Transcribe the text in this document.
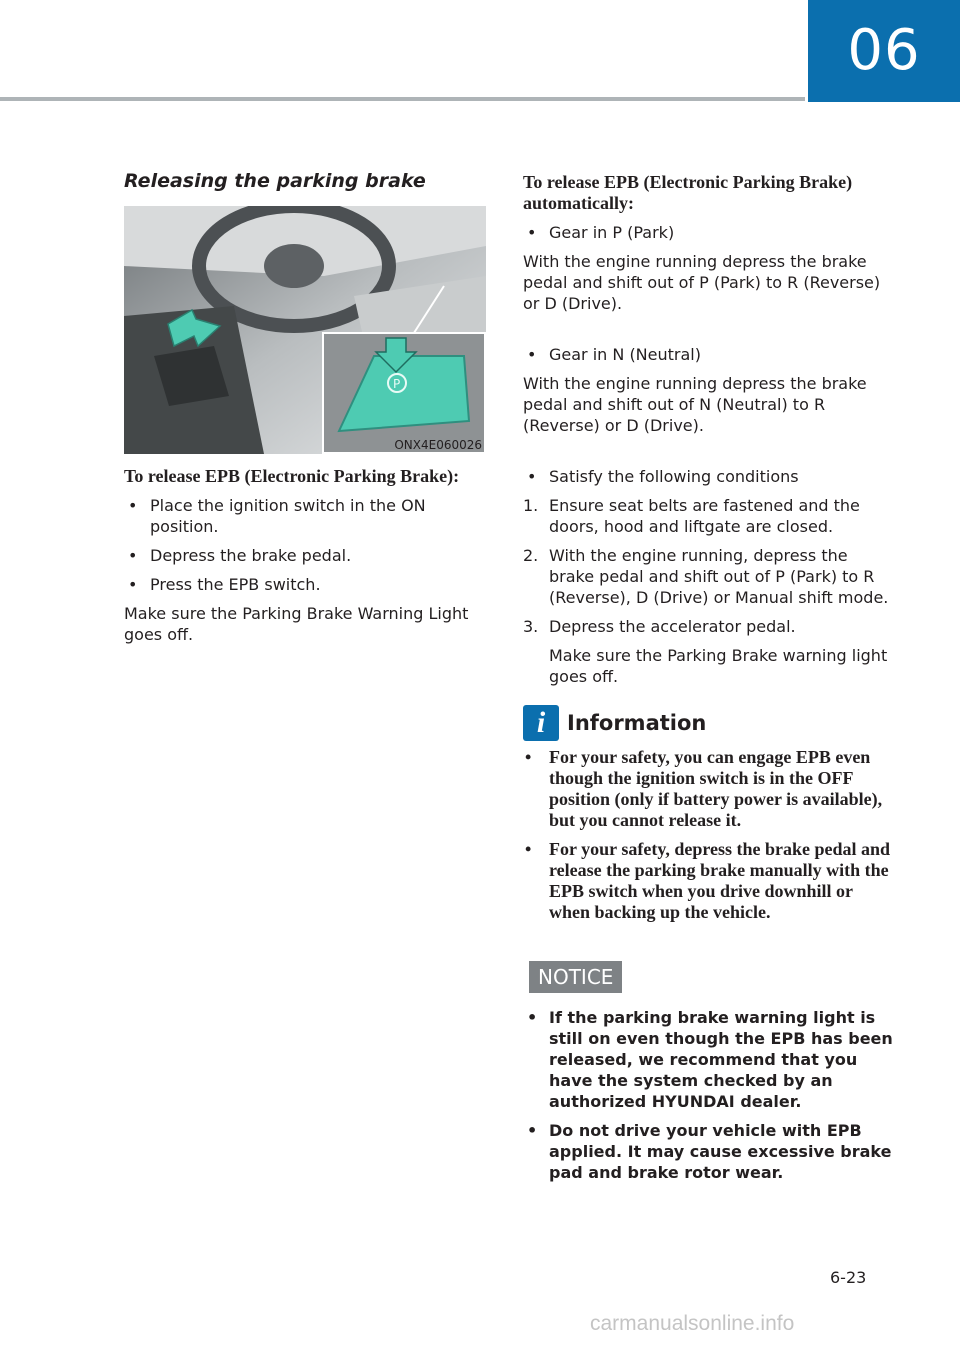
06
Releasing the parking brake
P
ONX4E060026
To release EPB (Electronic Parking Brake):
• Place the ignition switch in the ON position.
• Depress the brake pedal.
• Press the EPB switch.
Make sure the Parking Brake Warning Light goes off.
To release EPB (Electronic Parking Brake) automatically:
• Gear in P (Park)
With the engine running depress the brake pedal and shift out of P (Park) to R (Reverse) or D (Drive).
• Gear in N (Neutral)
With the engine running depress the brake pedal and shift out of N (Neutral) to R (Reverse) or D (Drive).
• Satisfy the following conditions
1. Ensure seat belts are fastened and the doors, hood and liftgate are closed.
2. With the engine running, depress the brake pedal and shift out of P (Park) to R (Reverse), D (Drive) or Manual shift mode.
3. Depress the accelerator pedal.
Make sure the Parking Brake warning light goes off.
i	Information
• For your safety, you can engage EPB even though the ignition switch is in the OFF position (only if battery power is available), but you cannot release it.
• For your safety, depress the brake pedal and release the parking brake manually with the EPB switch when you drive downhill or when backing up the vehicle.
NOTICE
• If the parking brake warning light is still on even though the EPB has been released, we recommend that you have the system checked by an authorized HYUNDAI dealer.
• Do not drive your vehicle with EPB applied. It may cause excessive brake pad and brake rotor wear.
6-23
carmanualsonline.info
